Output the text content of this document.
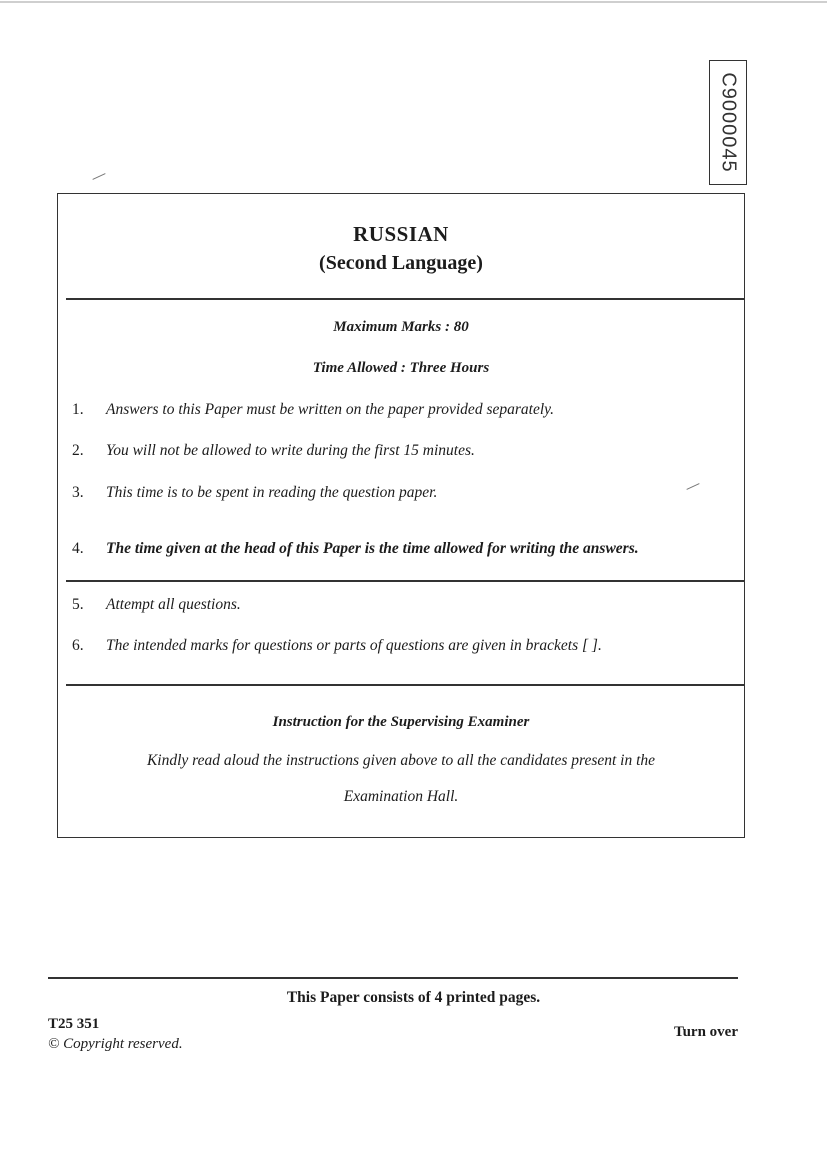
C9000045
RUSSIAN
(Second Language)
Maximum Marks : 80
Time Allowed : Three Hours
1. Answers to this Paper must be written on the paper provided separately.
2. You will not be allowed to write during the first 15 minutes.
3. This time is to be spent in reading the question paper.
4. The time given at the head of this Paper is the time allowed for writing the answers.
5. Attempt all questions.
6. The intended marks for questions or parts of questions are given in brackets [ ].
Instruction for the Supervising Examiner
Kindly read aloud the instructions given above to all the candidates present in the
Examination Hall.
This Paper consists of 4 printed pages.
T25 351
© Copyright reserved.
Turn over
